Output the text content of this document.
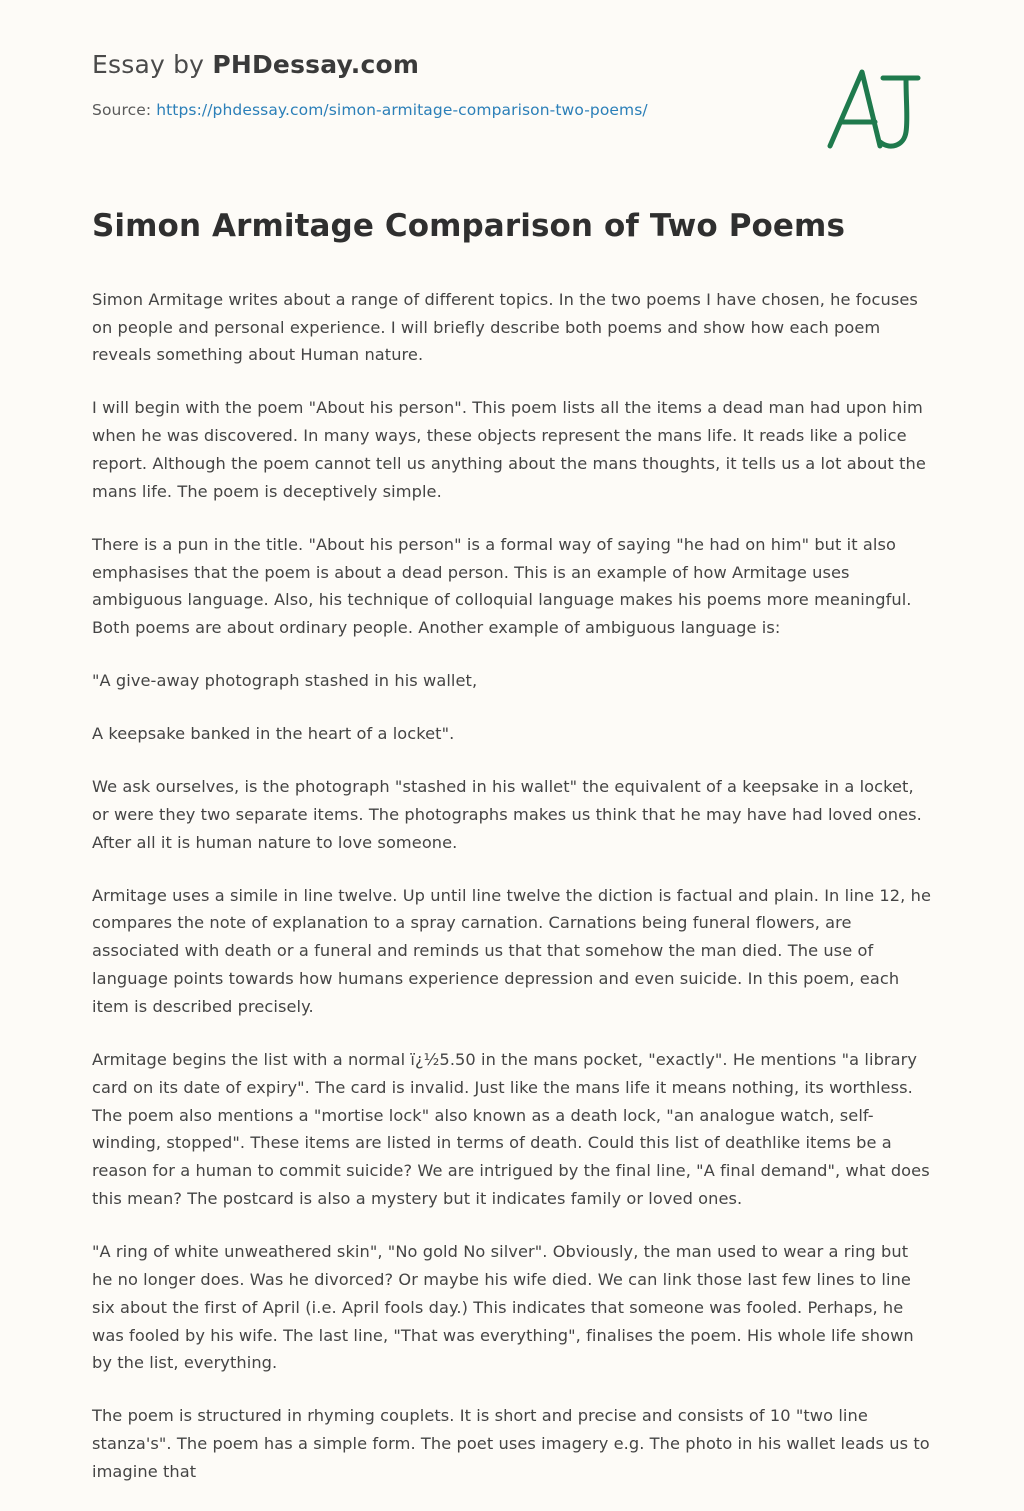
Essay by PHDessay.com
Source: https://phdessay.com/simon-armitage-comparison-two-poems/
Simon Armitage Comparison of Two Poems

Simon Armitage writes about a range of different topics. In the two poems I have chosen, he focuses on people and personal experience. I will briefly describe both poems and show how each poem reveals something about Human nature.

I will begin with the poem "About his person". This poem lists all the items a dead man had upon him when he was discovered. In many ways, these objects represent the mans life. It reads like a police report. Although the poem cannot tell us anything about the mans thoughts, it tells us a lot about the mans life. The poem is deceptively simple.

There is a pun in the title. "About his person" is a formal way of saying "he had on him" but it also emphasises that the poem is about a dead person. This is an example of how Armitage uses ambiguous language. Also, his technique of colloquial language makes his poems more meaningful. Both poems are about ordinary people. Another example of ambiguous language is:

"A give-away photograph stashed in his wallet,

A keepsake banked in the heart of a locket".

We ask ourselves, is the photograph "stashed in his wallet" the equivalent of a keepsake in a locket, or were they two separate items. The photographs makes us think that he may have had loved ones. After all it is human nature to love someone.

Armitage uses a simile in line twelve. Up until line twelve the diction is factual and plain. In line 12, he compares the note of explanation to a spray carnation. Carnations being funeral flowers, are associated with death or a funeral and reminds us that that somehow the man died. The use of language points towards how humans experience depression and even suicide. In this poem, each item is described precisely.

Armitage begins the list with a normal ï¿½5.50 in the mans pocket, "exactly". He mentions "a library card on its date of expiry". The card is invalid. Just like the mans life it means nothing, its worthless. The poem also mentions a "mortise lock" also known as a death lock, "an analogue watch, self-winding, stopped". These items are listed in terms of death. Could this list of deathlike items be a reason for a human to commit suicide? We are intrigued by the final line, "A final demand", what does this mean? The postcard is also a mystery but it indicates family or loved ones.

"A ring of white unweathered skin", "No gold No silver". Obviously, the man used to wear a ring but he no longer does. Was he divorced? Or maybe his wife died. We can link those last few lines to line six about the first of April (i.e. April fools day.) This indicates that someone was fooled. Perhaps, he was fooled by his wife. The last line, "That was everything", finalises the poem. His whole life shown by the list, everything.

The poem is structured in rhyming couplets. It is short and precise and consists of 10 "two line stanza's". The poem has a simple form. The poet uses imagery e.g. The photo in his wallet leads us to imagine that
